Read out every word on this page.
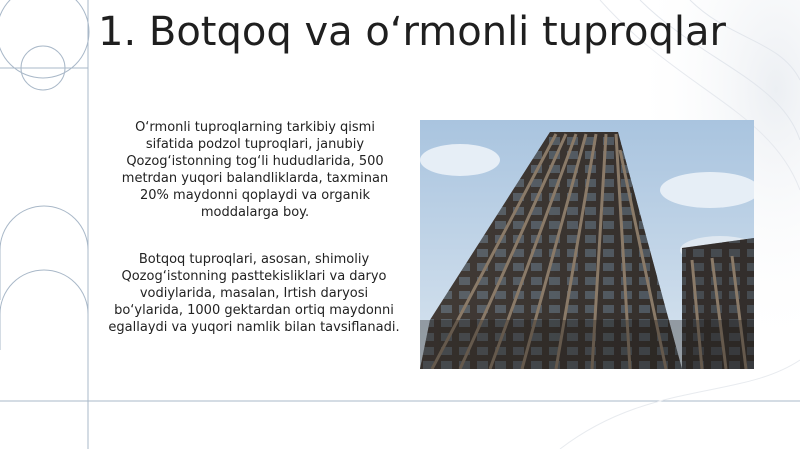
1. Botqoq va o‘rmonli tuproqlar
O‘rmonli tuproqlarning tarkibiy qismi sifatida podzol tuproqlari, janubiy Qozog‘istonning tog‘li hududlarida, 500 metrdan yuqori balandliklarda, taxminan 20% maydonni qoplaydi va organik moddalarga boy.
Botqoq tuproqlari, asosan, shimoliy Qozog‘istonning pasttekisliklari va daryo vodiylarida, masalan, Irtish daryosi bo‘ylarida, 1000 gektardan ortiq maydonni egallaydi va yuqori namlik bilan tavsiflanadi.
